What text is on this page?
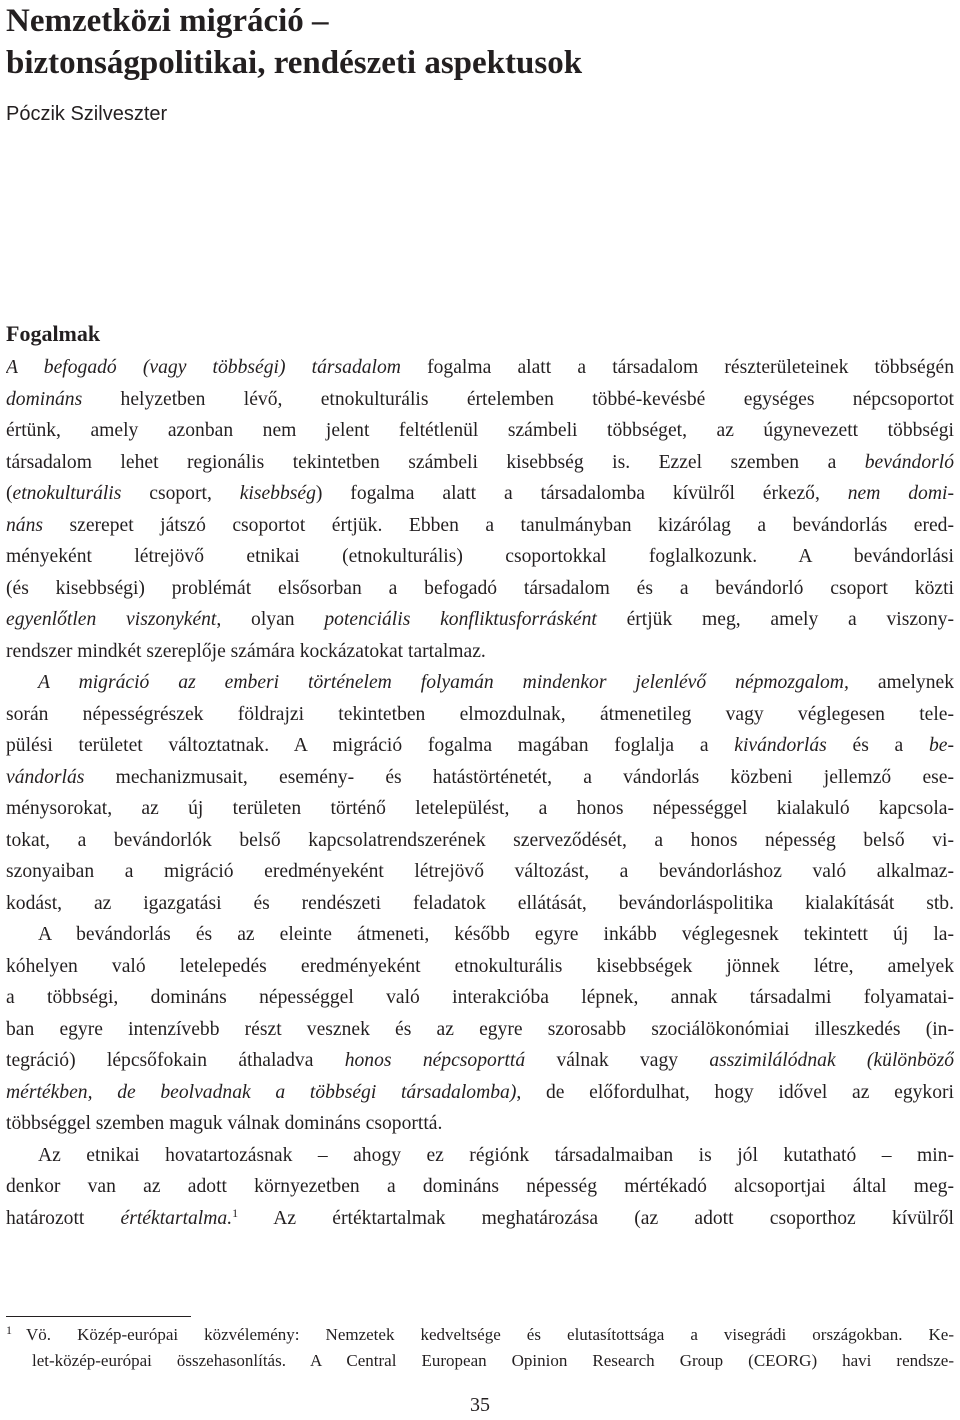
Nemzetközi migráció –
biztonságpolitikai, rendészeti aspektusok
Póczik Szilveszter
Fogalmak
A befogadó (vagy többségi) társadalom fogalma alatt a társadalom részterületeinek többségén
domináns helyzetben lévő, etnokulturális értelemben többé-kevésbé egységes népcsoportot
értünk, amely azonban nem jelent feltétlenül számbeli többséget, az úgynevezett többségi
társadalom lehet regionális tekintetben számbeli kisebbség is. Ezzel szemben a bevándorló
(etnokulturális csoport, kisebbség) fogalma alatt a társadalomba kívülről érkező, nem domi-
náns szerepet játszó csoportot értjük. Ebben a tanulmányban kizárólag a bevándorlás ered-
ményeként létrejövő etnikai (etnokulturális) csoportokkal foglalkozunk. A bevándorlási
(és kisebbségi) problémát elsősorban a befogadó társadalom és a bevándorló csoport közti
egyenlőtlen viszonyként, olyan potenciális konfliktusforrásként értjük meg, amely a viszony-
rendszer mindkét szereplője számára kockázatokat tartalmaz.
A migráció az emberi történelem folyamán mindenkor jelenlévő népmozgalom, amelynek
során népességrészek földrajzi tekintetben elmozdulnak, átmenetileg vagy véglegesen tele-
pülési területet változtatnak. A migráció fogalma magában foglalja a kivándorlás és a be-
vándorlás mechanizmusait, esemény- és hatástörténetét, a vándorlás közbeni jellemző ese-
ménysorokat, az új területen történő letelepülést, a honos népességgel kialakuló kapcsola-
tokat, a bevándorlók belső kapcsolatrendszerének szerveződését, a honos népesség belső vi-
szonyaiban a migráció eredményeként létrejövő változást, a bevándorláshoz való alkalmaz-
kodást, az igazgatási és rendészeti feladatok ellátását, bevándorláspolitika kialakítását stb.
A bevándorlás és az eleinte átmeneti, később egyre inkább véglegesnek tekintett új la-
kóhelyen való letelepedés eredményeként etnokulturális kisebbségek jönnek létre, amelyek
a többségi, domináns népességgel való interakcióba lépnek, annak társadalmi folyamatai-
ban egyre intenzívebb részt vesznek és az egyre szorosabb szociálökonómiai illeszkedés (in-
tegráció) lépcsőfokain áthaladva honos népcsoporttá válnak vagy asszimilálódnak (különböző
mértékben, de beolvadnak a többségi társadalomba), de előfordulhat, hogy idővel az egykori
többséggel szemben maguk válnak domináns csoporttá.
Az etnikai hovatartozásnak – ahogy ez régiónk társadalmaiban is jól kutatható – min-
denkor van az adott környezetben a domináns népesség mértékadó alcsoportjai által meg-
határozott értéktartalma.$^1$ Az értéktartalmak meghatározása (az adott csoporthoz kívülről
1 Vö. Közép-európai közvélemény: Nemzetek kedveltsége és elutasítottsága a visegrádi országokban. Ke-
let-közép-európai összehasonlítás. A Central European Opinion Research Group (CEORG) havi rendsze-
35
